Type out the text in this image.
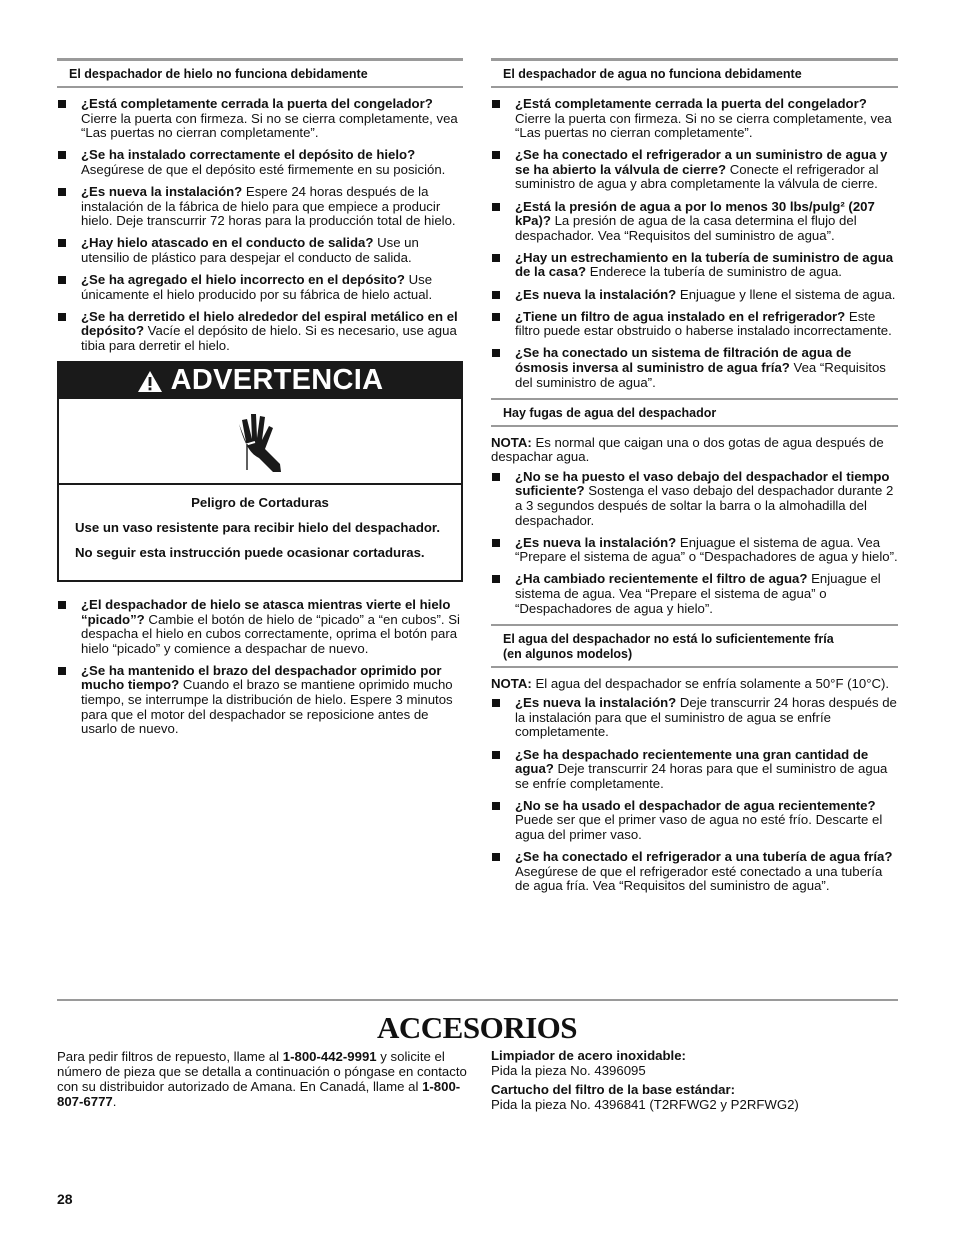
El despachador de hielo no funciona debidamente
¿Está completamente cerrada la puerta del congelador? Cierre la puerta con firmeza. Si no se cierra completamente, vea “Las puertas no cierran completamente”.
¿Se ha instalado correctamente el depósito de hielo? Asegúrese de que el depósito esté firmemente en su posición.
¿Es nueva la instalación? Espere 24 horas después de la instalación de la fábrica de hielo para que empiece a producir hielo. Deje transcurrir 72 horas para la producción total de hielo.
¿Hay hielo atascado en el conducto de salida? Use un utensilio de plástico para despejar el conducto de salida.
¿Se ha agregado el hielo incorrecto en el depósito? Use únicamente el hielo producido por su fábrica de hielo actual.
¿Se ha derretido el hielo alrededor del espiral metálico en el depósito? Vacíe el depósito de hielo. Si es necesario, use agua tibia para derretir el hielo.
ADVERTENCIA
Peligro de Cortaduras

Use un vaso resistente para recibir hielo del despachador.

No seguir esta instrucción puede ocasionar cortaduras.

¿El despachador de hielo se atasca mientras vierte el hielo “picado”? Cambie el botón de hielo de “picado” a “en cubos”. Si despacha el hielo en cubos correctamente, oprima el botón para hielo “picado” y comience a despachar de nuevo.
¿Se ha mantenido el brazo del despachador oprimido por mucho tiempo? Cuando el brazo se mantiene oprimido mucho tiempo, se interrumpe la distribución de hielo. Espere 3 minutos para que el motor del despachador se reposicione antes de usarlo de nuevo.
El despachador de agua no funciona debidamente
¿Está completamente cerrada la puerta del congelador? Cierre la puerta con firmeza. Si no se cierra completamente, vea “Las puertas no cierran completamente”.
¿Se ha conectado el refrigerador a un suministro de agua y se ha abierto la válvula de cierre? Conecte el refrigerador al suministro de agua y abra completamente la válvula de cierre.
¿Está la presión de agua a por lo menos 30 lbs/pulg² (207 kPa)? La presión de agua de la casa determina el flujo del despachador. Vea “Requisitos del suministro de agua”.
¿Hay un estrechamiento en la tubería de suministro de agua de la casa? Enderece la tubería de suministro de agua.
¿Es nueva la instalación? Enjuague y llene el sistema de agua.
¿Tiene un filtro de agua instalado en el refrigerador? Este filtro puede estar obstruido o haberse instalado incorrectamente.
¿Se ha conectado un sistema de filtración de agua de ósmosis inversa al suministro de agua fría? Vea “Requisitos del suministro de agua”.
Hay fugas de agua del despachador
NOTA: Es normal que caigan una o dos gotas de agua después de despachar agua.
¿No se ha puesto el vaso debajo del despachador el tiempo suficiente? Sostenga el vaso debajo del despachador durante 2 a 3 segundos después de soltar la barra o la almohadilla del despachador.
¿Es nueva la instalación? Enjuague el sistema de agua. Vea “Prepare el sistema de agua” o “Despachadores de agua y hielo”.
¿Ha cambiado recientemente el filtro de agua? Enjuague el sistema de agua. Vea “Prepare el sistema de agua” o “Despachadores de agua y hielo”.
El agua del despachador no está lo suficientemente fría
(en algunos modelos)
NOTA: El agua del despachador se enfría solamente a 50°F (10°C).
¿Es nueva la instalación? Deje transcurrir 24 horas después de la instalación para que el suministro de agua se enfríe completamente.
¿Se ha despachado recientemente una gran cantidad de agua? Deje transcurrir 24 horas para que el suministro de agua se enfríe completamente.
¿No se ha usado el despachador de agua recientemente? Puede ser que el primer vaso de agua no esté frío. Descarte el agua del primer vaso.
¿Se ha conectado el refrigerador a una tubería de agua fría? Asegúrese de que el refrigerador esté conectado a una tubería de agua fría. Vea “Requisitos del suministro de agua”.
ACCESORIOS
Para pedir filtros de repuesto, llame al 1-800-442-9991 y solicite el número de pieza que se detalla a continuación o póngase en contacto con su distribuidor autorizado de Amana. En Canadá, llame al 1-800-807-6777.
Limpiador de acero inoxidable:
Pida la pieza No. 4396095
Cartucho del filtro de la base estándar:
Pida la pieza No. 4396841 (T2RFWG2 y P2RFWG2)
28
